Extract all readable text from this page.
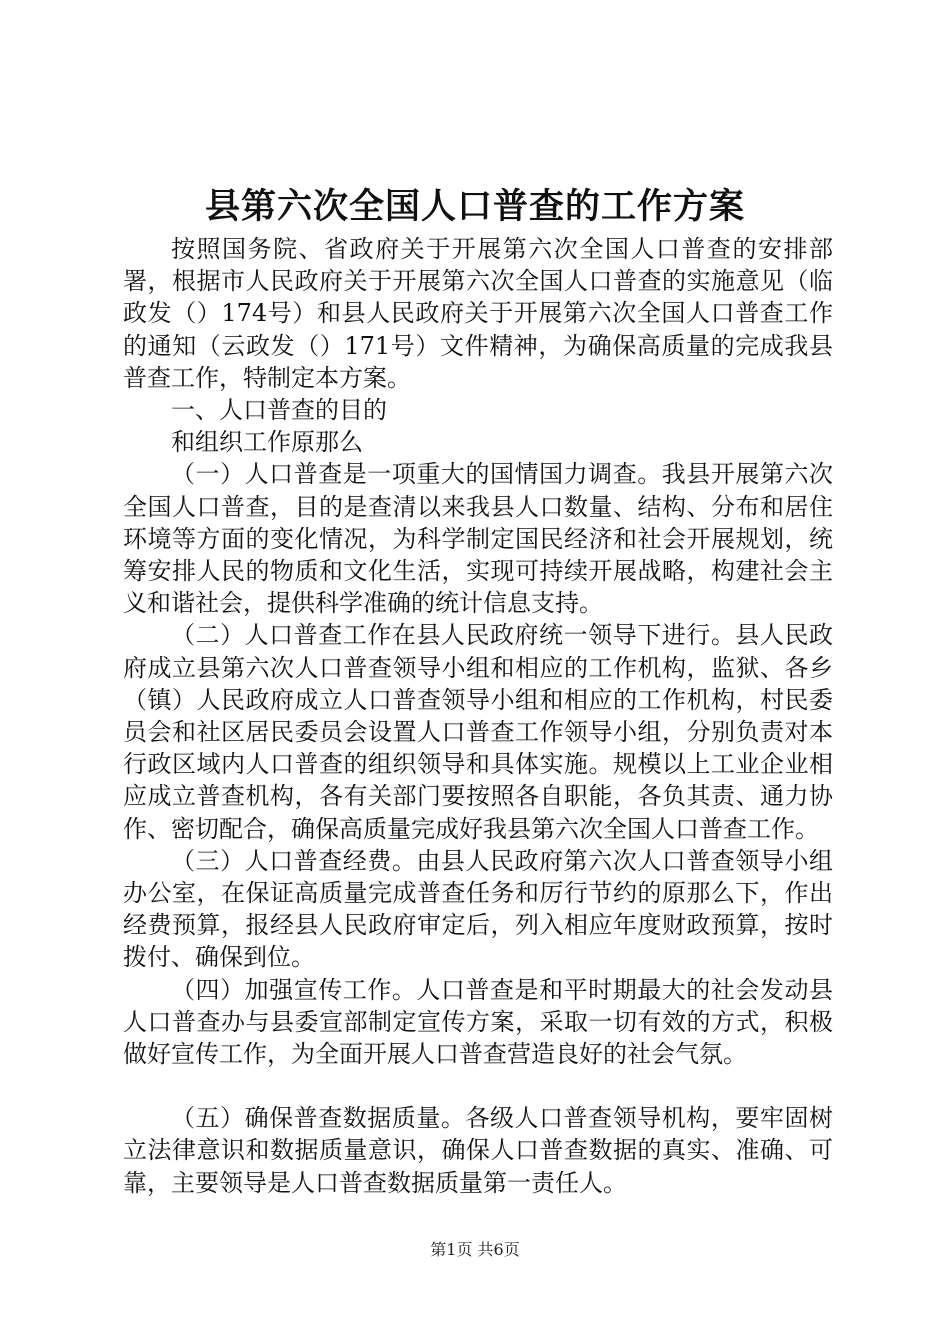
县第六次全国人口普查的工作方案

按照国务院、省政府关于开展第六次全国人口普查的安排部署，根据市人民政府关于开展第六次全国人口普查的实施意见（临政发（）174号）和县人民政府关于开展第六次全国人口普查工作的通知（云政发（）171号）文件精神，为确保高质量的完成我县普查工作，特制定本方案。

一、人口普查的目的

和组织工作原那么

（一）人口普查是一项重大的国情国力调查。我县开展第六次全国人口普查，目的是查清以来我县人口数量、结构、分布和居住环境等方面的变化情况，为科学制定国民经济和社会开展规划，统筹安排人民的物质和文化生活，实现可持续开展战略，构建社会主义和谐社会，提供科学准确的统计信息支持。

（二）人口普查工作在县人民政府统一领导下进行。县人民政府成立县第六次人口普查领导小组和相应的工作机构，监狱、各乡（镇）人民政府成立人口普查领导小组和相应的工作机构，村民委员会和社区居民委员会设置人口普查工作领导小组，分别负责对本行政区域内人口普查的组织领导和具体实施。规模以上工业企业相应成立普查机构，各有关部门要按照各自职能，各负其责、通力协作、密切配合，确保高质量完成好我县第六次全国人口普查工作。

（三）人口普查经费。由县人民政府第六次人口普查领导小组办公室，在保证高质量完成普查任务和厉行节约的原那么下，作出经费预算，报经县人民政府审定后，列入相应年度财政预算，按时拨付、确保到位。

（四）加强宣传工作。人口普查是和平时期最大的社会发动县人口普查办与县委宣部制定宣传方案，采取一切有效的方式，积极做好宣传工作，为全面开展人口普查营造良好的社会气氛。

（五）确保普查数据质量。各级人口普查领导机构，要牢固树立法律意识和数据质量意识，确保人口普查数据的真实、准确、可靠，主要领导是人口普查数据质量第一责任人。

第1页 共6页
